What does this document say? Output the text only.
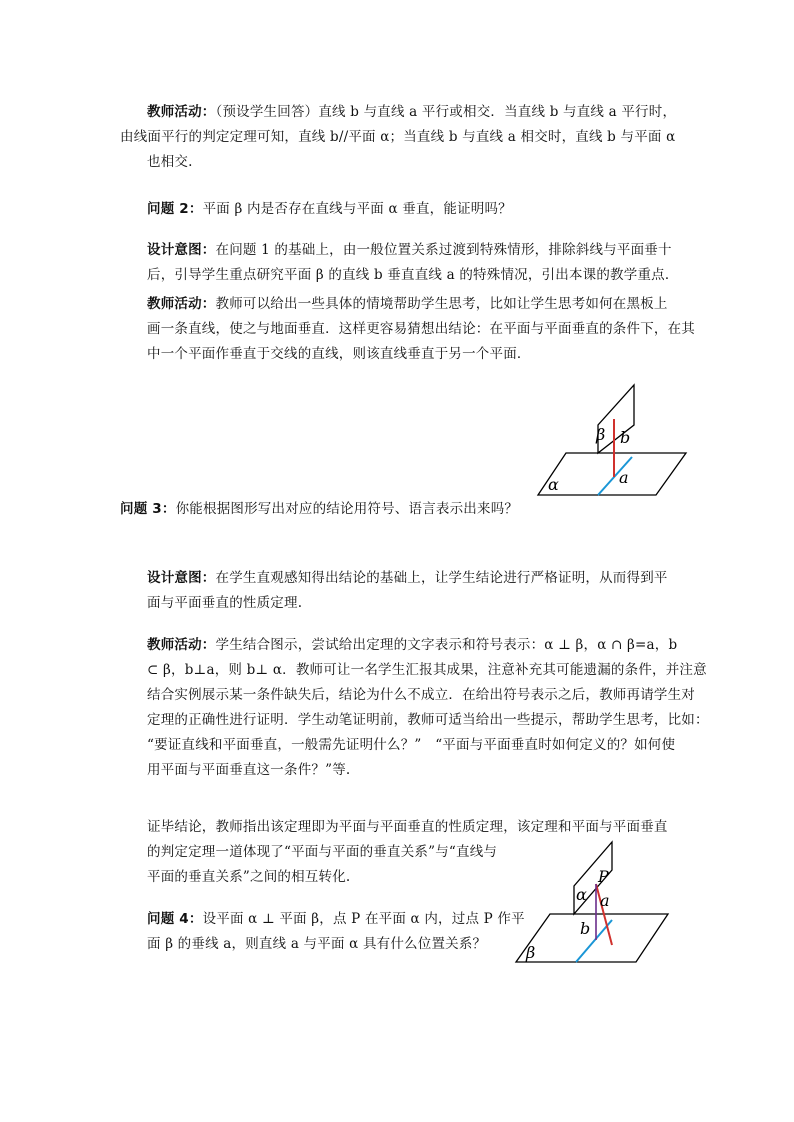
教师活动：（预设学生回答）直线 b 与直线 a 平行或相交．当直线 b 与直线 a 平行时，
由线面平行的判定定理可知，直线 b//平面 α；当直线 b 与直线 a 相交时，直线 b 与平面 α
也相交.
问题 2：平面 β 内是否存在直线与平面 α 垂直，能证明吗？
设计意图：在问题 1 的基础上，由一般位置关系过渡到特殊情形，排除斜线与平面垂十
后，引导学生重点研究平面 β 的直线 b 垂直直线 a 的特殊情况，引出本课的教学重点．
教师活动：教师可以给出一些具体的情境帮助学生思考，比如让学生思考如何在黑板上
画一条直线，使之与地面垂直．这样更容易猜想出结论：在平面与平面垂直的条件下，在其
中一个平面作垂直于交线的直线，则该直线垂直于另一个平面．
β b
a
α
问题 3：你能根据图形写出对应的结论用符号、语言表示出来吗？
设计意图：在学生直观感知得出结论的基础上，让学生结论进行严格证明，从而得到平
面与平面垂直的性质定理.
教师活动：学生结合图示，尝试给出定理的文字表示和符号表示：α ⊥ β，α ∩ β=a，b
⊂ β，b⊥a，则 b⊥ α．教师可让一名学生汇报其成果，注意补充其可能遗漏的条件，并注意
结合实例展示某一条件缺失后，结论为什么不成立．在给出符号表示之后，教师再请学生对
定理的正确性进行证明．学生动笔证明前，教师可适当给出一些提示，帮助学生思考，比如：
“要证直线和平面垂直，一般需先证明什么？”　“平面与平面垂直时如何定义的？如何使
用平面与平面垂直这一条件？”等.
证毕结论，教师指出该定理即为平面与平面垂直的性质定理，该定理和平面与平面垂直
的判定定理一道体现了“平面与平面的垂直关系”与“直线与
平面的垂直关系”之间的相互转化.
问题 4：设平面 α ⊥ 平面 β，点 P 在平面 α 内，过点 P 作平
面 β 的垂线 a，则直线 a 与平面 α 具有什么位置关系？
α
P
a
b
β
